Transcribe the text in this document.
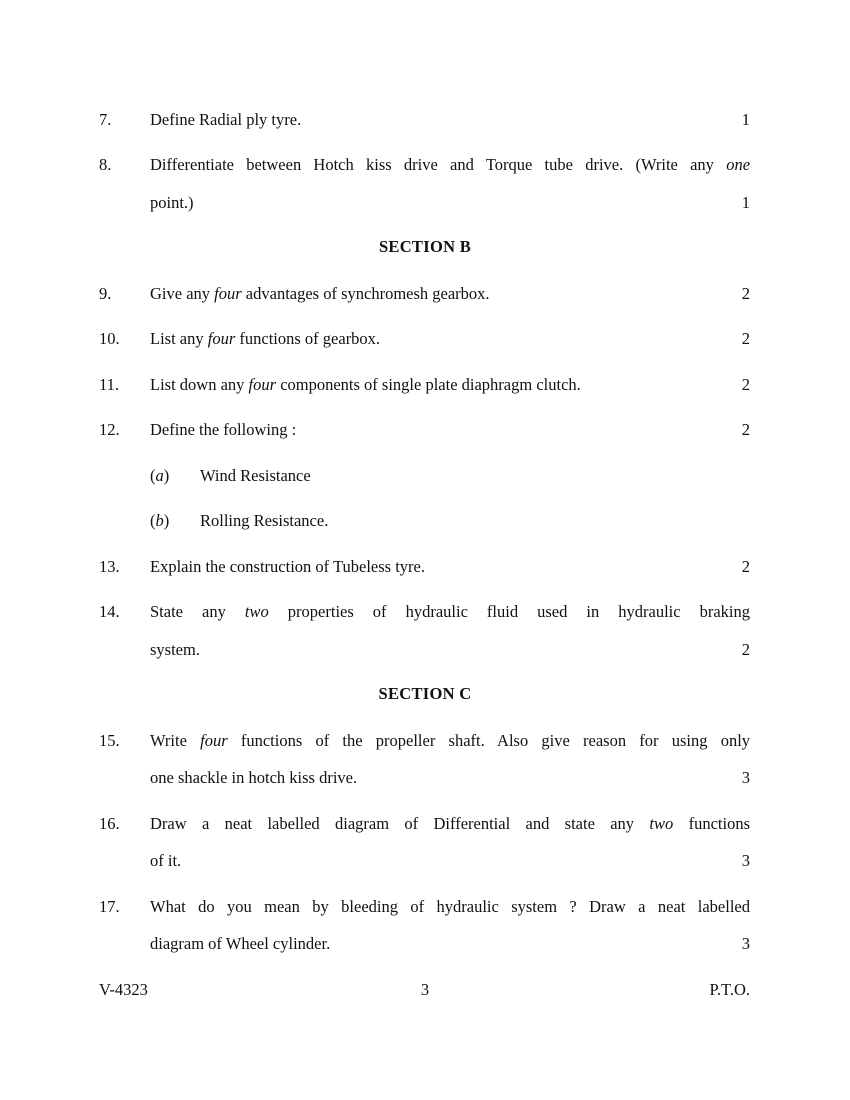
7. Define Radial ply tyre.	1
8. Differentiate between Hotch kiss drive and Torque tube drive. (Write any one
point.)	1
SECTION B
9. Give any four advantages of synchromesh gearbox.	2
10. List any four functions of gearbox.	2
11. List down any four components of single plate diaphragm clutch.	2
12. Define the following :	2
(a) Wind Resistance
(b) Rolling Resistance.
13. Explain the construction of Tubeless tyre.	2
14. State any two properties of hydraulic fluid used in hydraulic braking
system.	2
SECTION C
15. Write four functions of the propeller shaft. Also give reason for using only
one shackle in hotch kiss drive.	3
16. Draw a neat labelled diagram of Differential and state any two functions
of it.	3
17. What do you mean by bleeding of hydraulic system ? Draw a neat labelled
diagram of Wheel cylinder.	3
V-4323	3	P.T.O.
